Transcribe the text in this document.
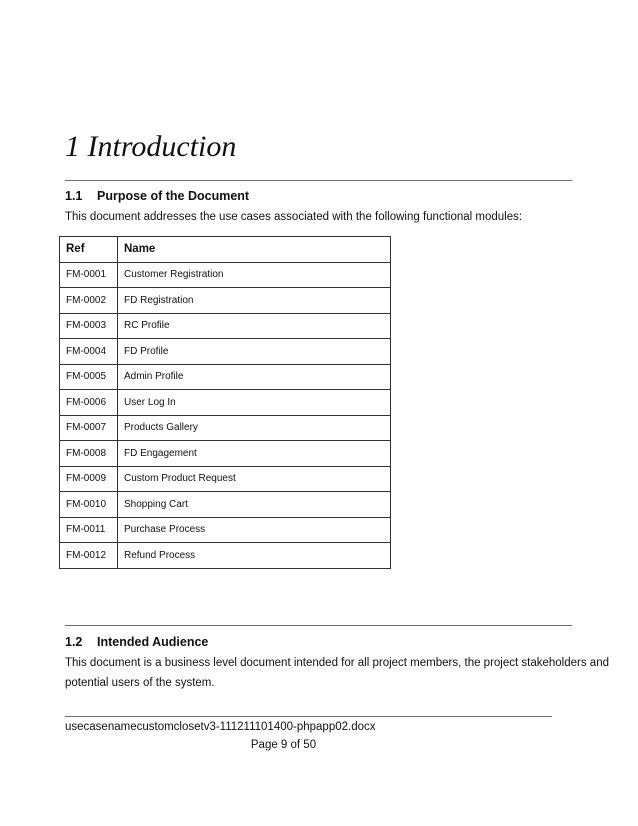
1 Introduction
1.1 Purpose of the Document
This document addresses the use cases associated with the following functional modules:
Ref	Name
FM-0001	Customer Registration
FM-0002	FD Registration
FM-0003	RC Profile
FM-0004	FD Profile
FM-0005	Admin Profile
FM-0006	User Log In
FM-0007	Products Gallery
FM-0008	FD Engagement
FM-0009	Custom Product Request
FM-0010	Shopping Cart
FM-0011	Purchase Process
FM-0012	Refund Process
1.2 Intended Audience
This document is a business level document intended for all project members, the project stakeholders and
potential users of the system.
usecasenamecustomclosetv3-111211101400-phpapp02.docx
Page 9 of 50
